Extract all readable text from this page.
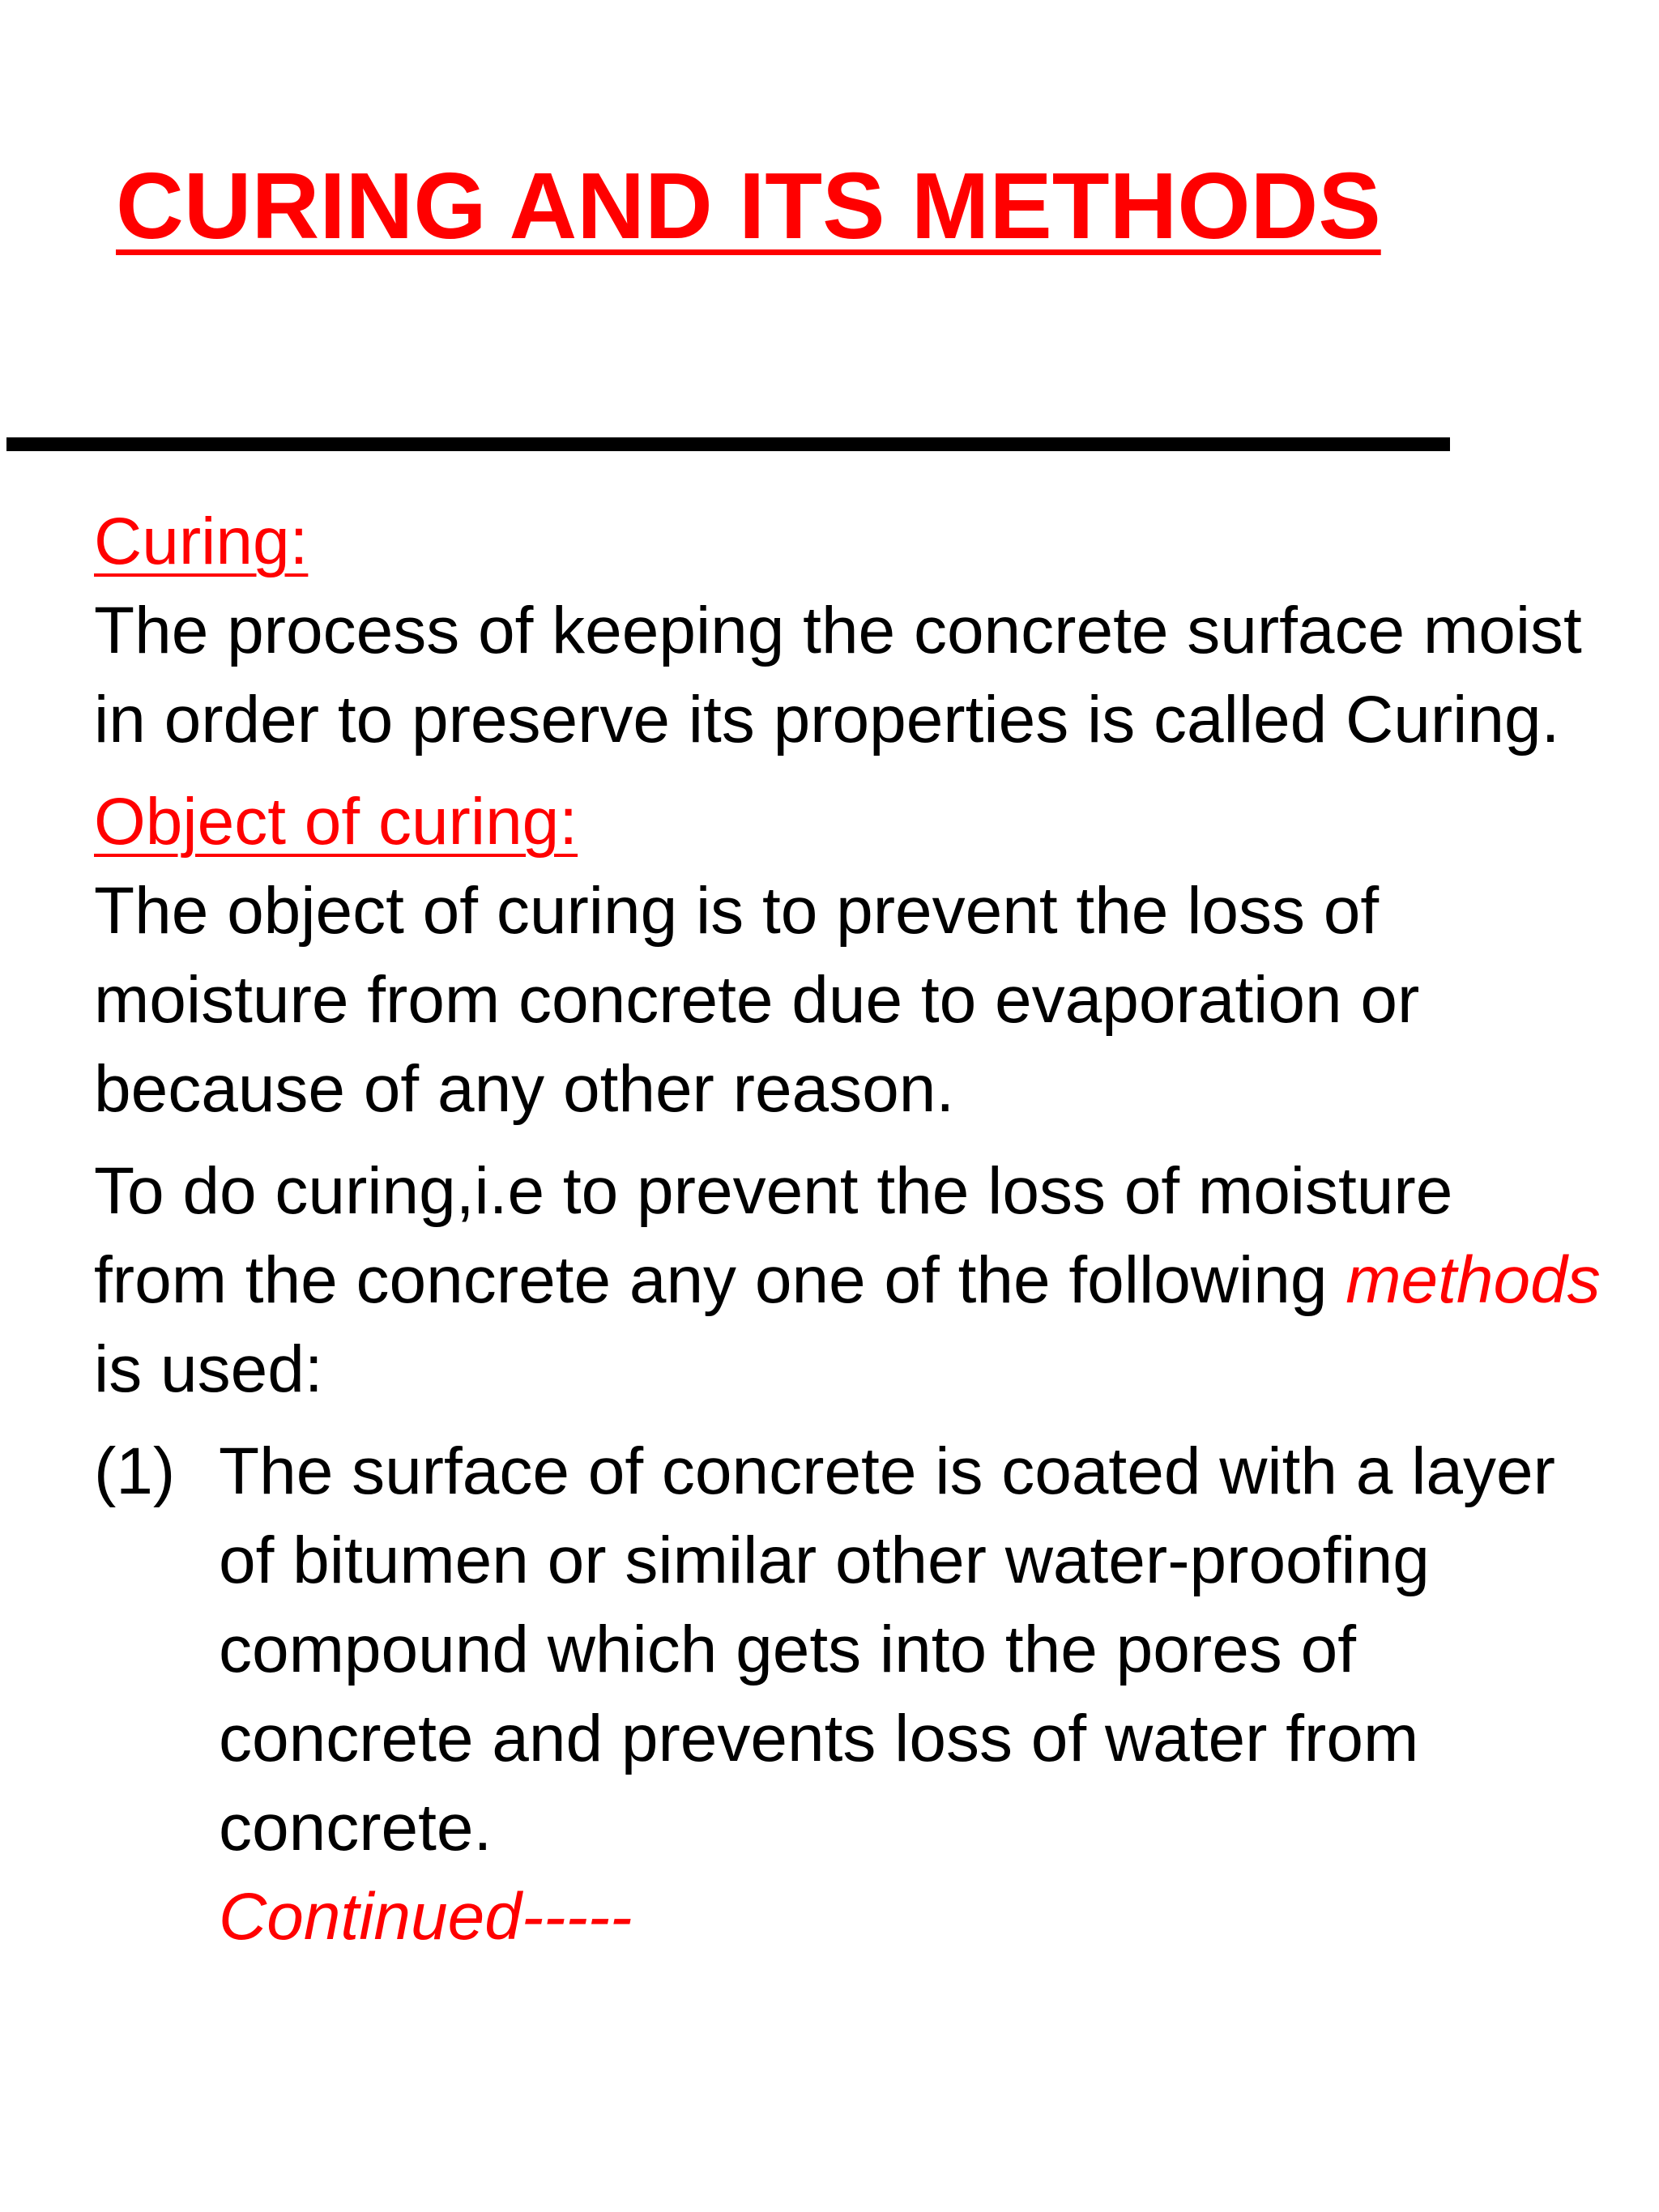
CURING AND ITS METHODS
Curing:

The process of keeping the concrete surface moist in order to preserve its properties is called Curing.

Object of curing:

The object of curing is to prevent the loss of moisture from concrete due to evaporation or because of any other reason.

To do curing,i.e to prevent the loss of moisture from the concrete any one of the following methods is used:

(1) The surface of concrete is coated with a layer of bitumen or similar other water-proofing compound which gets into the pores of concrete and prevents loss of water from concrete.
Continued-----
